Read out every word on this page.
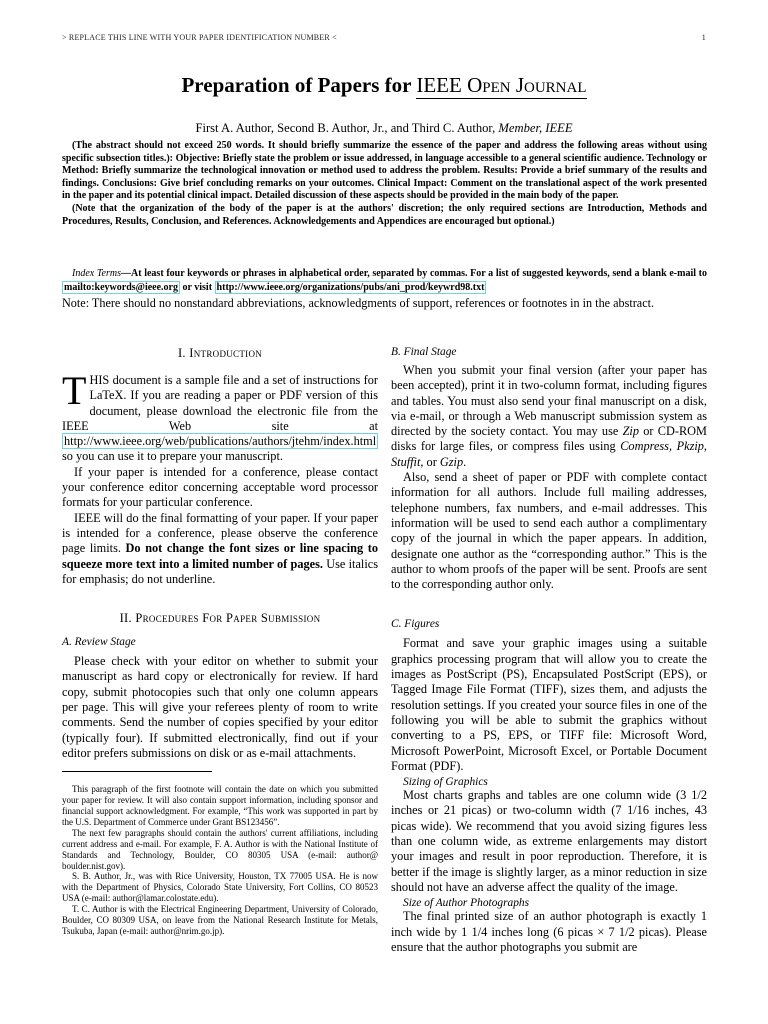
> REPLACE THIS LINE WITH YOUR PAPER IDENTIFICATION NUMBER <	1
Preparation of Papers for IEEE Open Journal
First A. Author, Second B. Author, Jr., and Third C. Author, Member, IEEE

(The abstract should not exceed 250 words. It should briefly summarize the essence of the paper and address the following areas without using specific subsection titles.): Objective: Briefly state the problem or issue addressed, in language accessible to a general scientific audience. Technology or Method: Briefly summarize the technological innovation or method used to address the problem. Results: Provide a brief summary of the results and findings. Conclusions: Give brief concluding remarks on your outcomes. Clinical Impact: Comment on the translational aspect of the work presented in the paper and its potential clinical impact. Detailed discussion of these aspects should be provided in the main body of the paper.

(Note that the organization of the body of the paper is at the authors' discretion; the only required sections are Introduction, Methods and Procedures, Results, Conclusion, and References. Acknowledgements and Appendices are encouraged but optional.)

Index Terms—At least four keywords or phrases in alphabetical order, separated by commas. For a list of suggested keywords, send a blank e-mail to mailto:keywords@ieee.org or visit http://www.ieee.org/organizations/pubs/ani_prod/keywrd98.txt
Note: There should no nonstandard abbreviations, acknowledgments of support, references or footnotes in in the abstract.
I. Introduction

THIS document is a sample file and a set of instructions for LaTeX. If you are reading a paper or PDF version of this document, please download the electronic file from the IEEE Web site at http://www.ieee.org/web/publications/authors/jtehm/index.html so you can use it to prepare your manuscript.

If your paper is intended for a conference, please contact your conference editor concerning acceptable word processor formats for your particular conference.

IEEE will do the final formatting of your paper. If your paper is intended for a conference, please observe the conference page limits. Do not change the font sizes or line spacing to squeeze more text into a limited number of pages. Use italics for emphasis; do not underline.

II. Procedures For Paper Submission
A. Review Stage

Please check with your editor on whether to submit your manuscript as hard copy or electronically for review. If hard copy, submit photocopies such that only one column appears per page. This will give your referees plenty of room to write comments. Send the number of copies specified by your editor (typically four). If submitted electronically, find out if your editor prefers submissions on disk or as e-mail attachments.

This paragraph of the first footnote will contain the date on which you submitted your paper for review. It will also contain support information, including sponsor and financial support acknowledgment. For example, “This work was supported in part by the U.S. Department of Commerce under Grant BS123456”.

The next few paragraphs should contain the authors' current affiliations, including current address and e-mail. For example, F. A. Author is with the National Institute of Standards and Technology, Boulder, CO 80305 USA (e-mail: author@ boulder.nist.gov).

S. B. Author, Jr., was with Rice University, Houston, TX 77005 USA. He is now with the Department of Physics, Colorado State University, Fort Collins, CO 80523 USA (e-mail: author@lamar.colostate.edu).

T. C. Author is with the Electrical Engineering Department, University of Colorado, Boulder, CO 80309 USA, on leave from the National Research Institute for Metals, Tsukuba, Japan (e-mail: author@nrim.go.jp).

B. Final Stage

When you submit your final version (after your paper has been accepted), print it in two-column format, including figures and tables. You must also send your final manuscript on a disk, via e-mail, or through a Web manuscript submission system as directed by the society contact. You may use Zip or CD-ROM disks for large files, or compress files using Compress, Pkzip, Stuffit, or Gzip.

Also, send a sheet of paper or PDF with complete contact information for all authors. Include full mailing addresses, telephone numbers, fax numbers, and e-mail addresses. This information will be used to send each author a complimentary copy of the journal in which the paper appears. In addition, designate one author as the “corresponding author.” This is the author to whom proofs of the paper will be sent. Proofs are sent to the corresponding author only.

C. Figures

Format and save your graphic images using a suitable graphics processing program that will allow you to create the images as PostScript (PS), Encapsulated PostScript (EPS), or Tagged Image File Format (TIFF), sizes them, and adjusts the resolution settings. If you created your source files in one of the following you will be able to submit the graphics without converting to a PS, EPS, or TIFF file: Microsoft Word, Microsoft PowerPoint, Microsoft Excel, or Portable Document Format (PDF).

Sizing of Graphics

Most charts graphs and tables are one column wide (3 1/2 inches or 21 picas) or two-column width (7 1/16 inches, 43 picas wide). We recommend that you avoid sizing figures less than one column wide, as extreme enlargements may distort your images and result in poor reproduction. Therefore, it is better if the image is slightly larger, as a minor reduction in size should not have an adverse affect the quality of the image.

Size of Author Photographs

The final printed size of an author photograph is exactly 1 inch wide by 1 1/4 inches long (6 picas × 7 1/2 picas). Please ensure that the author photographs you submit are
